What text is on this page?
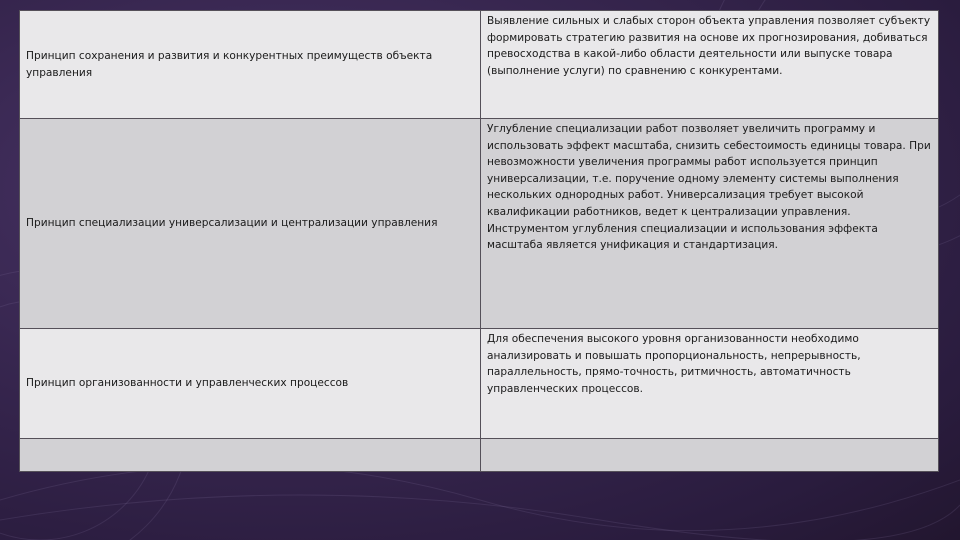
Принцип сохранения и развития и конкурентных преимуществ объекта управления	Выявление сильных и слабых сторон объекта управления позволяет субъекту формировать стратегию развития на основе их прогнозирования, добиваться превосходства в какой-либо области деятельности или выпуске товара (выполнение услуги) по сравнению с конкурентами.
Принцип специализации универсализации и централизации управления	Углубление специализации работ позволяет увеличить программу и использовать эффект масштаба, снизить себестоимость единицы товара. При невозможности увеличения программы работ используется принцип универсализации, т.е. поручение одному элементу системы выполнения нескольких однородных работ. Универсализация требует высокой квалификации работников, ведет к централизации управления. Инструментом углубления специализации и использования эффекта масштаба является унификация и стандартизация.
Принцип организованности и управленческих процессов	Для обеспечения высокого уровня организованности необходимо анализировать и повышать пропорциональность, непрерывность, параллельность, прямо-точность, ритмичность, автоматичность управленческих процессов.
